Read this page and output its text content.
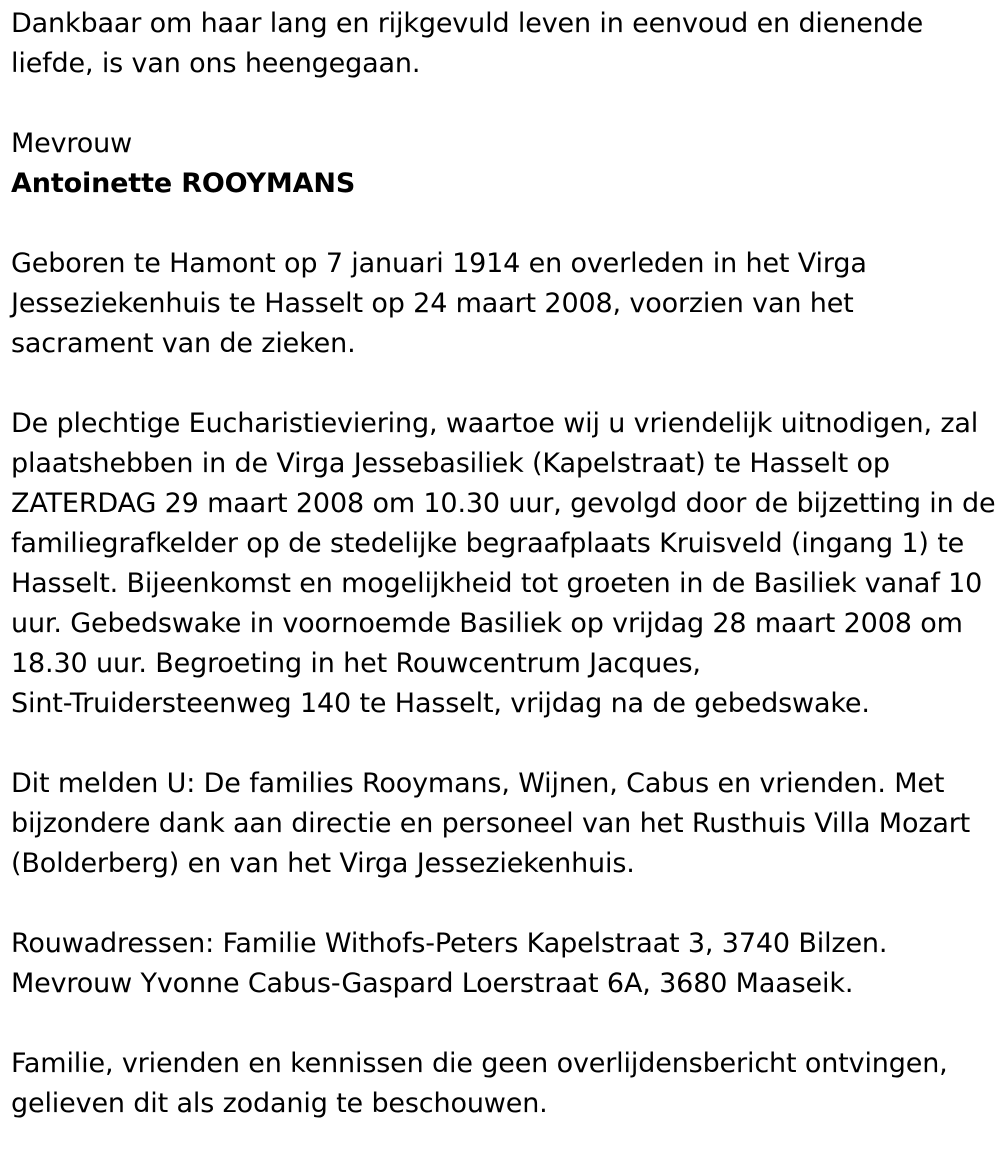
Dankbaar om haar lang en rijkgevuld leven in eenvoud en dienende
liefde, is van ons heengegaan.
Mevrouw
Antoinette ROOYMANS
Geboren te Hamont op 7 januari 1914 en overleden in het Virga
Jesseziekenhuis te Hasselt op 24 maart 2008, voorzien van het
sacrament van de zieken.
De plechtige Eucharistieviering, waartoe wij u vriendelijk uitnodigen, zal
plaatshebben in de Virga Jessebasiliek (Kapelstraat) te Hasselt op
ZATERDAG 29 maart 2008 om 10.30 uur, gevolgd door de bijzetting in de
familiegrafkelder op de stedelijke begraafplaats Kruisveld (ingang 1) te
Hasselt. Bijeenkomst en mogelijkheid tot groeten in de Basiliek vanaf 10
uur. Gebedswake in voornoemde Basiliek op vrijdag 28 maart 2008 om
18.30 uur. Begroeting in het Rouwcentrum Jacques,
Sint-Truidersteenweg 140 te Hasselt, vrijdag na de gebedswake.
Dit melden U: De families Rooymans, Wijnen, Cabus en vrienden. Met
bijzondere dank aan directie en personeel van het Rusthuis Villa Mozart
(Bolderberg) en van het Virga Jesseziekenhuis.
Rouwadressen: Familie Withofs-Peters Kapelstraat 3, 3740 Bilzen.
Mevrouw Yvonne Cabus-Gaspard Loerstraat 6A, 3680 Maaseik.
Familie, vrienden en kennissen die geen overlijdensbericht ontvingen,
gelieven dit als zodanig te beschouwen.
